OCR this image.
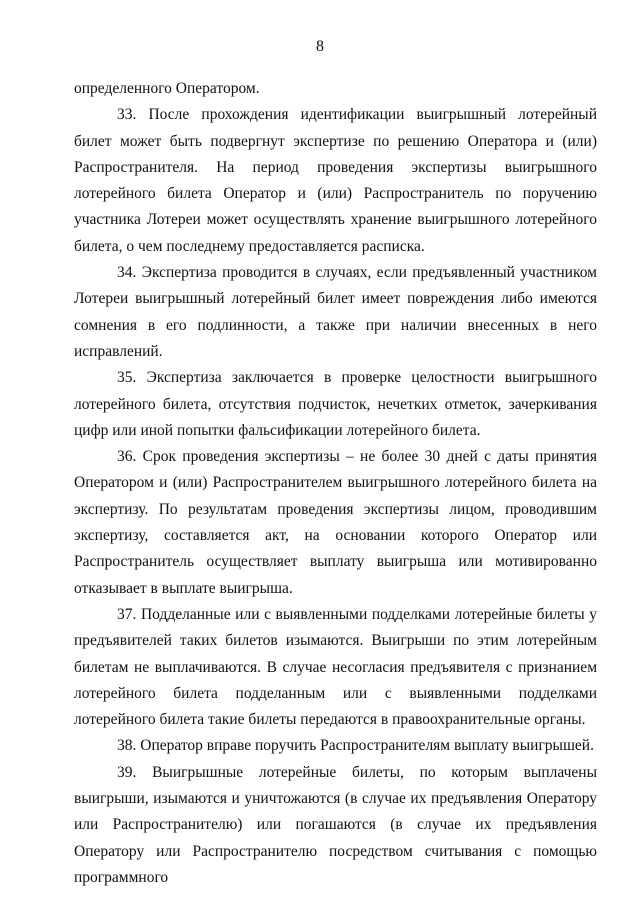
8

определенного Оператором.

33. После прохождения идентификации выигрышный лотерейный билет может быть подвергнут экспертизе по решению Оператора и (или) Распространителя. На период проведения экспертизы выигрышного лотерейного билета Оператор и (или) Распространитель по поручению участника Лотереи может осуществлять хранение выигрышного лотерейного билета, о чем последнему предоставляется расписка.

34. Экспертиза проводится в случаях, если предъявленный участником Лотереи выигрышный лотерейный билет имеет повреждения либо имеются сомнения в его подлинности, а также при наличии внесенных в него исправлений.

35. Экспертиза заключается в проверке целостности выигрышного лотерейного билета, отсутствия подчисток, нечетких отметок, зачеркивания цифр или иной попытки фальсификации лотерейного билета.

36. Срок проведения экспертизы – не более 30 дней с даты принятия Оператором и (или) Распространителем выигрышного лотерейного билета на экспертизу. По результатам проведения экспертизы лицом, проводившим экспертизу, составляется акт, на основании которого Оператор или Распространитель осуществляет выплату выигрыша или мотивированно отказывает в выплате выигрыша.

37. Подделанные или с выявленными подделками лотерейные билеты у предъявителей таких билетов изымаются. Выигрыши по этим лотерейным билетам не выплачиваются. В случае несогласия предъявителя с признанием лотерейного билета подделанным или с выявленными подделками лотерейного билета такие билеты передаются в правоохранительные органы.

38. Оператор вправе поручить Распространителям выплату выигрышей.

39. Выигрышные лотерейные билеты, по которым выплачены выигрыши, изымаются и уничтожаются (в случае их предъявления Оператору или Распространителю) или погашаются (в случае их предъявления Оператору или Распространителю посредством считывания с помощью программного
